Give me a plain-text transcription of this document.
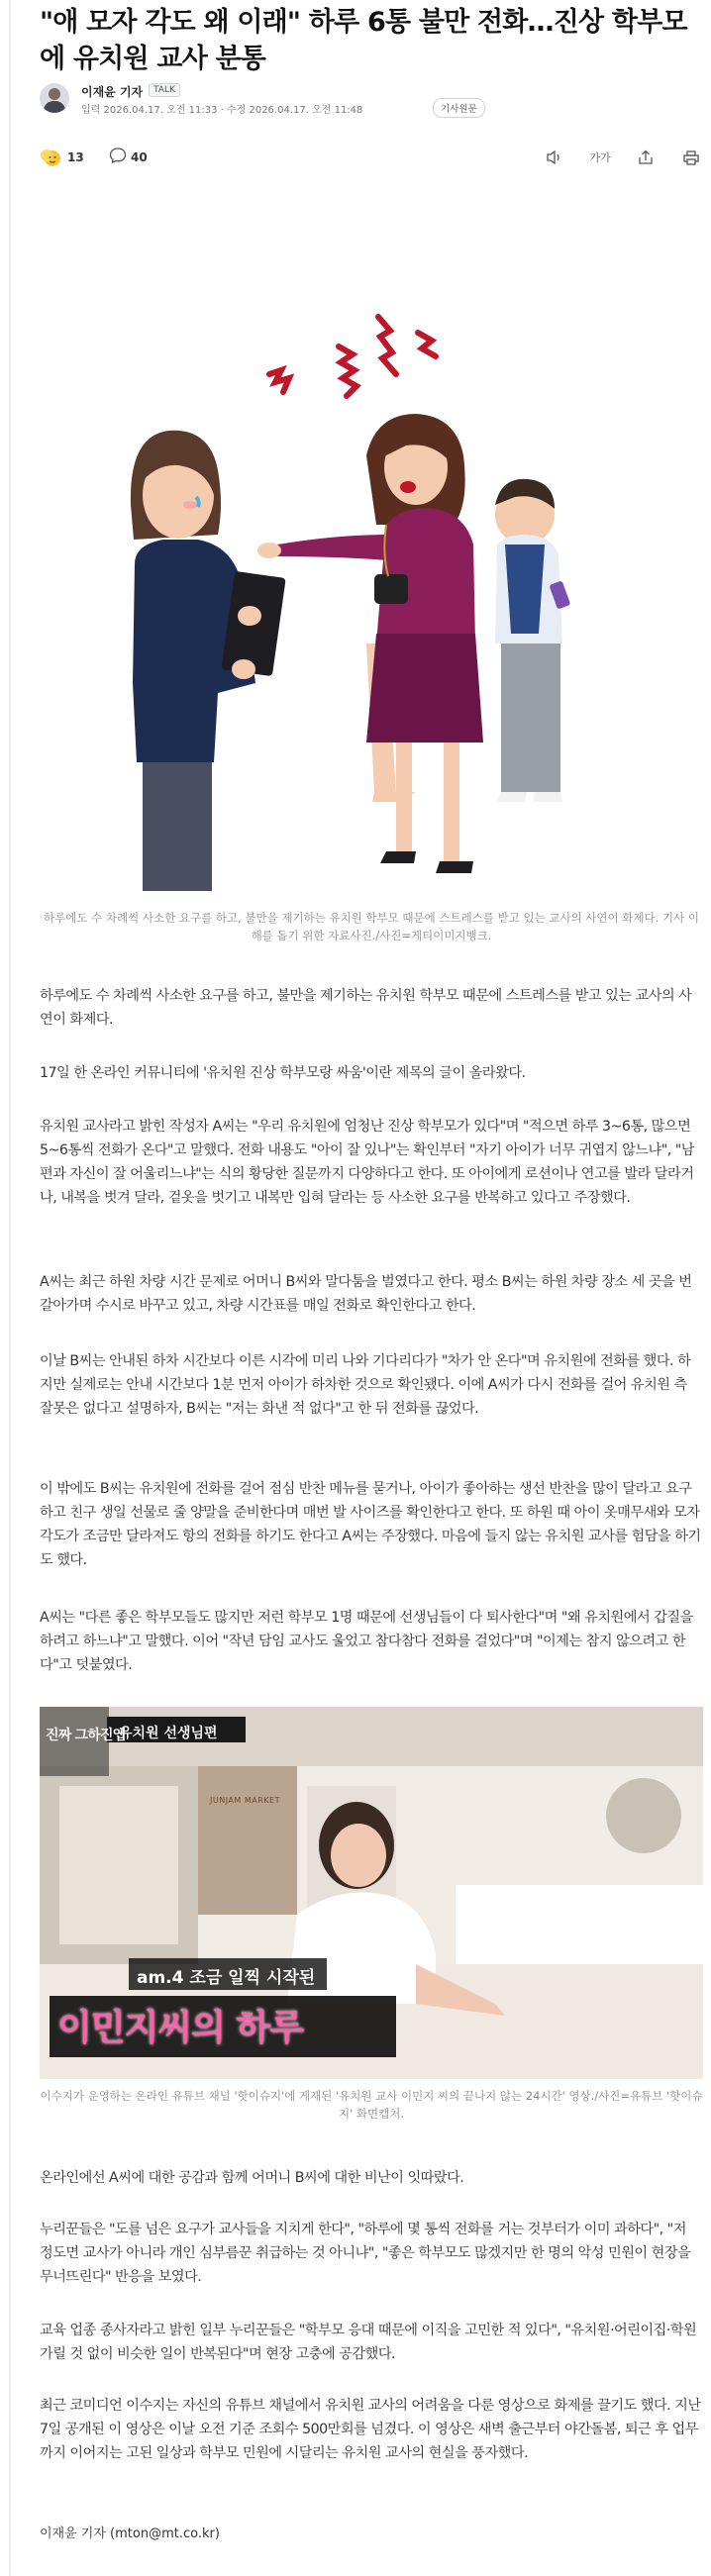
"애 모자 각도 왜 이래" 하루 6통 불만 전화…진상 학부모에 유치원 교사 분통
이재윤 기자	TALK
입력 2026.04.17. 오전 11:33 · 수정 2026.04.17. 오전 11:48	기사원문
13	40	가가

하루에도 수 차례씩 사소한 요구를 하고, 불만을 제기하는 유치원 학부모 때문에 스트레스를 받고 있는 교사의 사연이 화제다. 기사 이해를 돕기 위한 자료사진./사진=게티이미지뱅크.

하루에도 수 차례씩 사소한 요구를 하고, 불만을 제기하는 유치원 학부모 때문에 스트레스를 받고 있는 교사의 사연이 화제다.

17일 한 온라인 커뮤니티에 '유치원 진상 학부모랑 싸움'이란 제목의 글이 올라왔다.

유치원 교사라고 밝힌 작성자 A씨는 "우리 유치원에 엄청난 진상 학부모가 있다"며 "적으면 하루 3~6통, 많으면 5~6통씩 전화가 온다"고 말했다. 전화 내용도 "아이 잘 있나"는 확인부터 "자기 아이가 너무 귀엽지 않느냐", "남편과 자신이 잘 어울리느냐"는 식의 황당한 질문까지 다양하다고 한다. 또 아이에게 로션이나 연고를 발라 달라거나, 내복을 벗겨 달라, 겉옷을 벗기고 내복만 입혀 달라는 등 사소한 요구를 반복하고 있다고 주장했다.

A씨는 최근 하원 차량 시간 문제로 어머니 B씨와 말다툼을 벌였다고 한다. 평소 B씨는 하원 차량 장소 세 곳을 번갈아가며 수시로 바꾸고 있고, 차량 시간표를 매일 전화로 확인한다고 한다.

이날 B씨는 안내된 하차 시간보다 이른 시각에 미리 나와 기다리다가 "차가 안 온다"며 유치원에 전화를 했다. 하지만 실제로는 안내 시간보다 1분 먼저 아이가 하차한 것으로 확인됐다. 이에 A씨가 다시 전화를 걸어 유치원 측 잘못은 없다고 설명하자, B씨는 "저는 화낸 적 없다"고 한 뒤 전화를 끊었다.

이 밖에도 B씨는 유치원에 전화를 걸어 점심 반찬 메뉴를 묻거나, 아이가 좋아하는 생선 반찬을 많이 달라고 요구하고 친구 생일 선물로 줄 양말을 준비한다며 매번 발 사이즈를 확인한다고 한다. 또 하원 때 아이 옷매무새와 모자 각도가 조금만 달라져도 항의 전화를 하기도 한다고 A씨는 주장했다. 마음에 들지 않는 유치원 교사를 험담을 하기도 했다.

A씨는 "다른 좋은 학부모들도 많지만 저런 학부모 1명 때문에 선생님들이 다 퇴사한다"며 "왜 유치원에서 갑질을 하려고 하느냐"고 말했다. 이어 "작년 담임 교사도 울었고 참다참다 전화를 걸었다"며 "이제는 참지 않으려고 한다"고 덧붙였다.

진짜 그하진앱
유치원 선생님편
JUNJAM MARKET
am.4 조금 일찍 시작된
이민지씨의 하루

이수지가 운영하는 온라인 유튜브 채널 '핫이슈지'에 게재된 '유치원 교사 이민지 씨의 끝나지 않는 24시간' 영상./사진=유튜브 '핫이슈지' 화면캡처.

온라인에선 A씨에 대한 공감과 함께 어머니 B씨에 대한 비난이 잇따랐다.

누리꾼들은 "도를 넘은 요구가 교사들을 지치게 한다", "하루에 몇 통씩 전화를 거는 것부터가 이미 과하다", "저 정도면 교사가 아니라 개인 심부름꾼 취급하는 것 아니냐", "좋은 학부모도 많겠지만 한 명의 악성 민원이 현장을 무너뜨린다" 반응을 보였다.

교육 업종 종사자라고 밝힌 일부 누리꾼들은 "학부모 응대 때문에 이직을 고민한 적 있다", "유치원·어린이집·학원 가릴 것 없이 비슷한 일이 반복된다"며 현장 고충에 공감했다.

최근 코미디언 이수지는 자신의 유튜브 채널에서 유치원 교사의 어려움을 다룬 영상으로 화제를 끌기도 했다. 지난 7일 공개된 이 영상은 이날 오전 기준 조회수 500만회를 넘겼다. 이 영상은 새벽 출근부터 야간돌봄, 퇴근 후 업무까지 이어지는 고된 일상과 학부모 민원에 시달리는 유치원 교사의 현실을 풍자했다.

이재윤 기자 (mton@mt.co.kr)
